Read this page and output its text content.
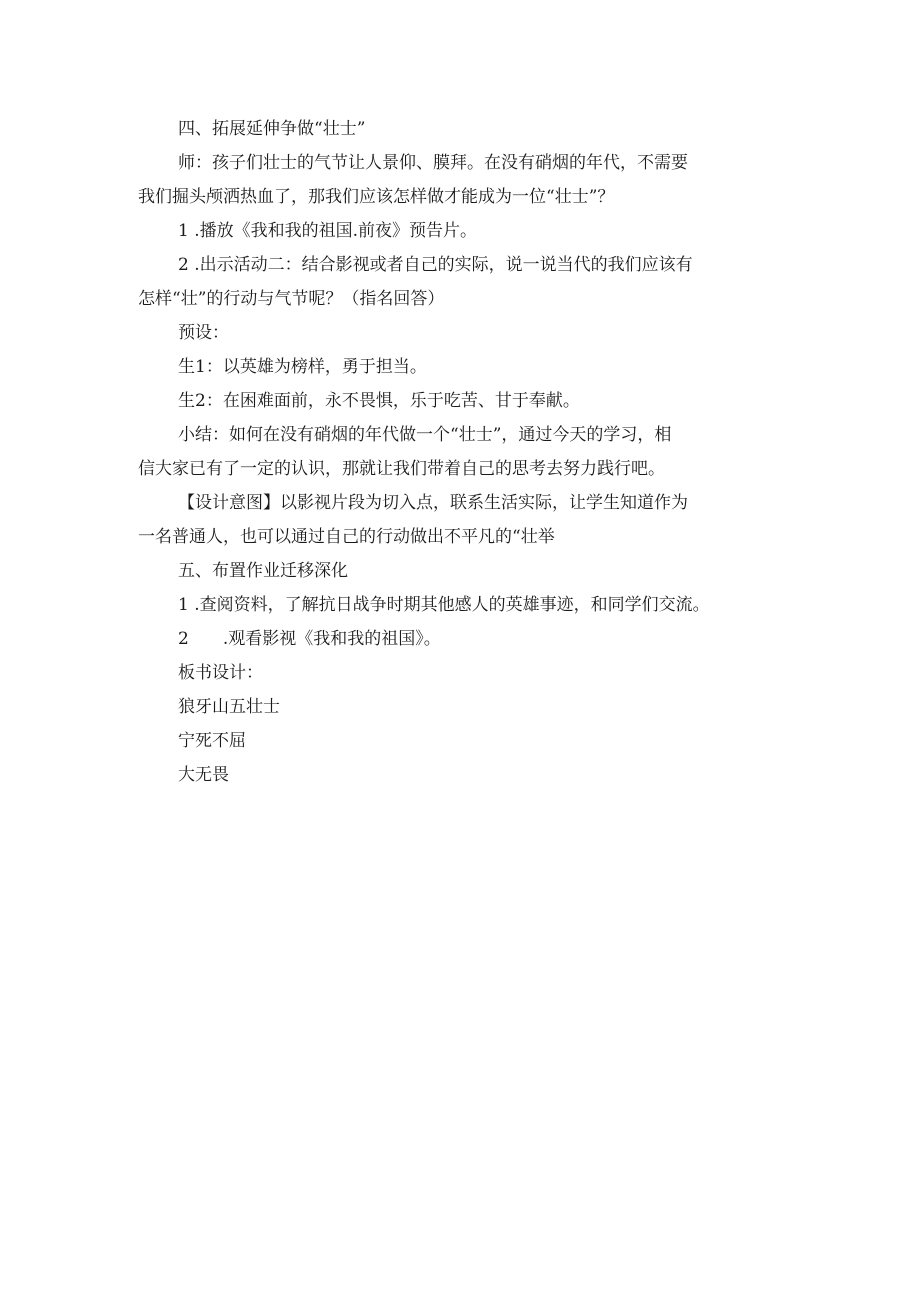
四、拓展延伸争做“壮士”

师：孩子们壮士的气节让人景仰、膜拜。在没有硝烟的年代，不需要

我们掘头颅洒热血了，那我们应该怎样做才能成为一位“壮士”？

1 .播放《我和我的祖国.前夜》预告片。

2 .出示活动二：结合影视或者自己的实际，说一说当代的我们应该有

怎样“壮”的行动与气节呢？（指名回答）

预设：

生1：以英雄为榜样，勇于担当。

生2：在困难面前，永不畏惧，乐于吃苦、甘于奉献。

小结：如何在没有硝烟的年代做一个“壮士”，通过今天的学习，相

信大家已有了一定的认识，那就让我们带着自己的思考去努力践行吧。

【设计意图】以影视片段为切入点，联系生活实际，让学生知道作为

一名普通人，也可以通过自己的行动做出不平凡的“壮举

五、布置作业迁移深化

1 .查阅资料，了解抗日战争时期其他感人的英雄事迹，和同学们交流。

2 .观看影视《我和我的祖国》。

板书设计：

狼牙山五壮士

宁死不屈

大无畏
